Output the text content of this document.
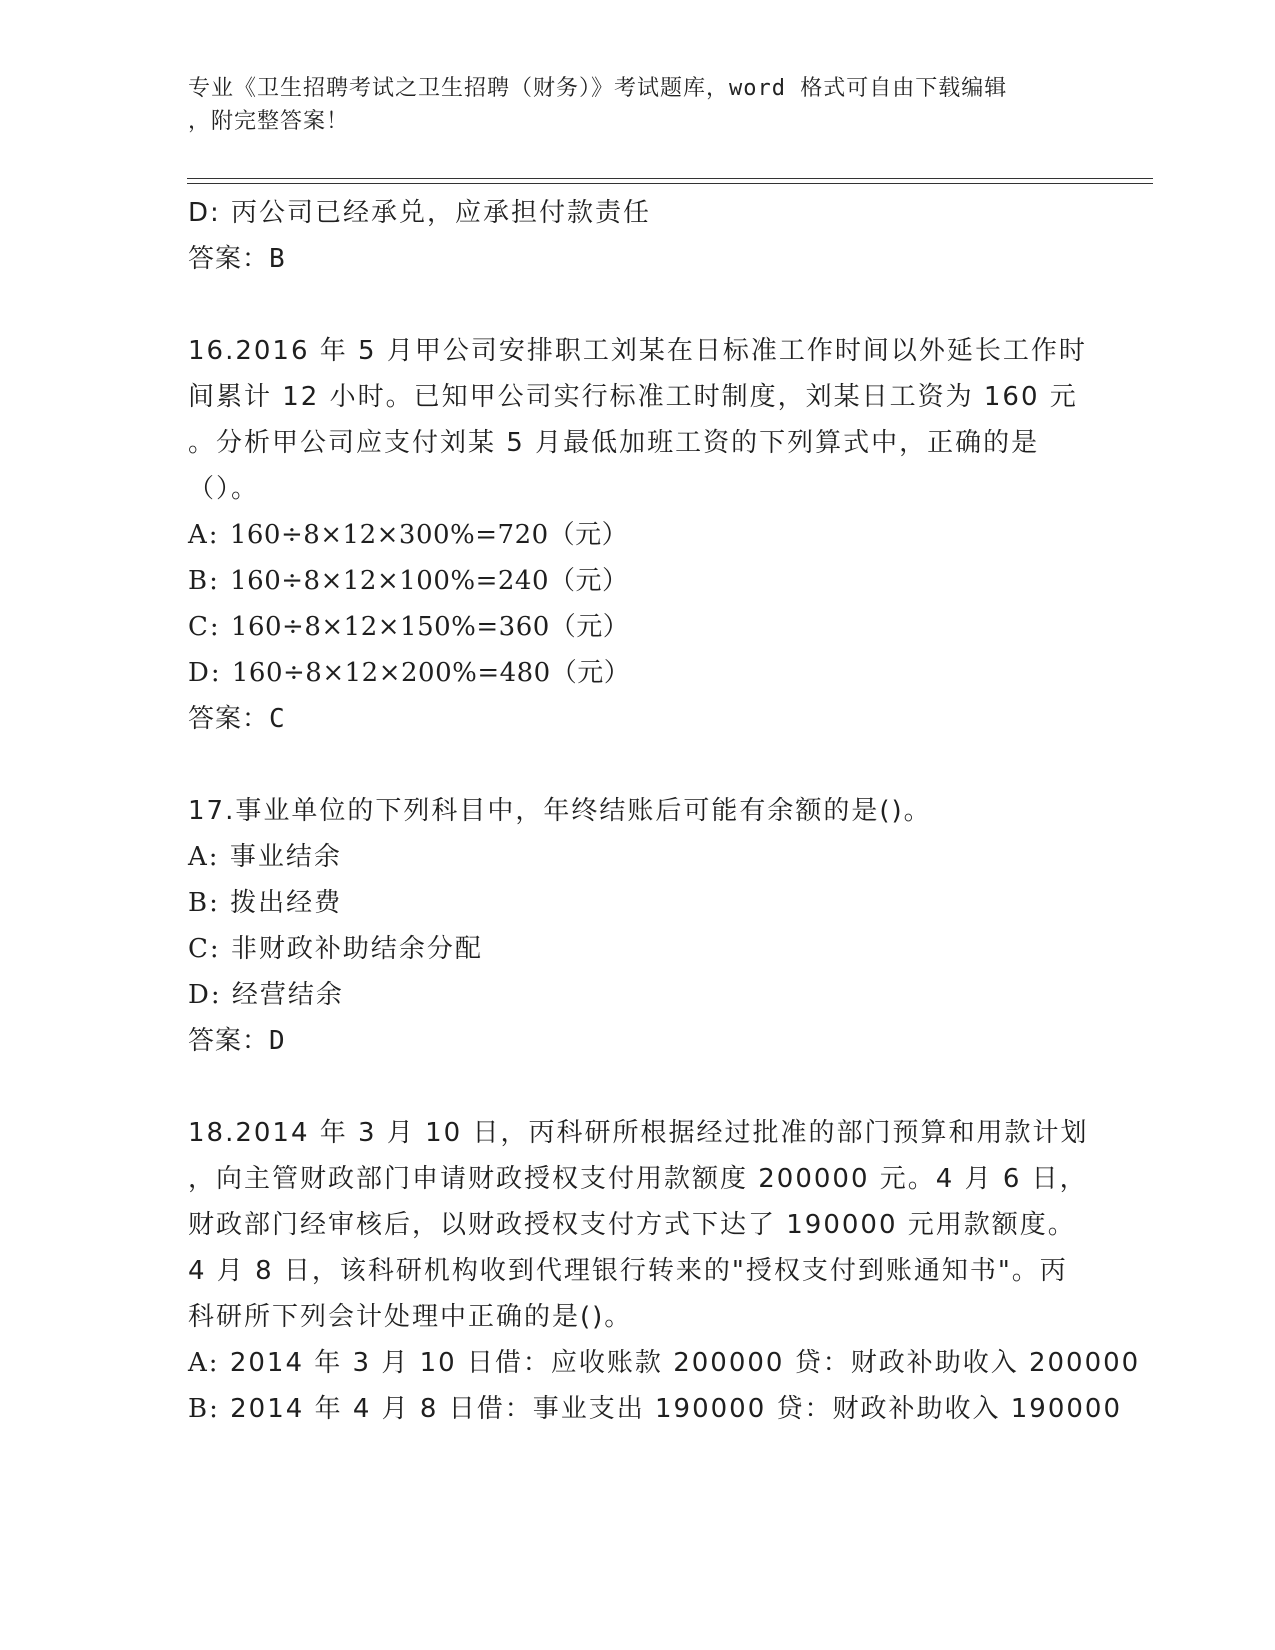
专业《卫生招聘考试之卫生招聘（财务）》考试题库，word 格式可自由下载编辑
，附完整答案！
D: 丙公司已经承兑，应承担付款责任
答案：B
16.2016 年 5 月甲公司安排职工刘某在日标准工作时间以外延长工作时
间累计 12 小时。已知甲公司实行标准工时制度，刘某日工资为 160 元
。分析甲公司应支付刘某 5 月最低加班工资的下列算式中，正确的是
（）。
A: 160÷8×12×300%=720（元）
B: 160÷8×12×100%=240（元）
C: 160÷8×12×150%=360（元）
D: 160÷8×12×200%=480（元）
答案：C
17.事业单位的下列科目中，年终结账后可能有余额的是()。
A: 事业结余
B: 拨出经费
C: 非财政补助结余分配
D: 经营结余
答案：D
18.2014 年 3 月 10 日，丙科研所根据经过批准的部门预算和用款计划
，向主管财政部门申请财政授权支付用款额度 200000 元。4 月 6 日，
财政部门经审核后，以财政授权支付方式下达了 190000 元用款额度。
4 月 8 日，该科研机构收到代理银行转来的"授权支付到账通知书"。丙
科研所下列会计处理中正确的是()。
A: 2014 年 3 月 10 日借：应收账款 200000 贷：财政补助收入 200000
B: 2014 年 4 月 8 日借：事业支出 190000 贷：财政补助收入 190000
